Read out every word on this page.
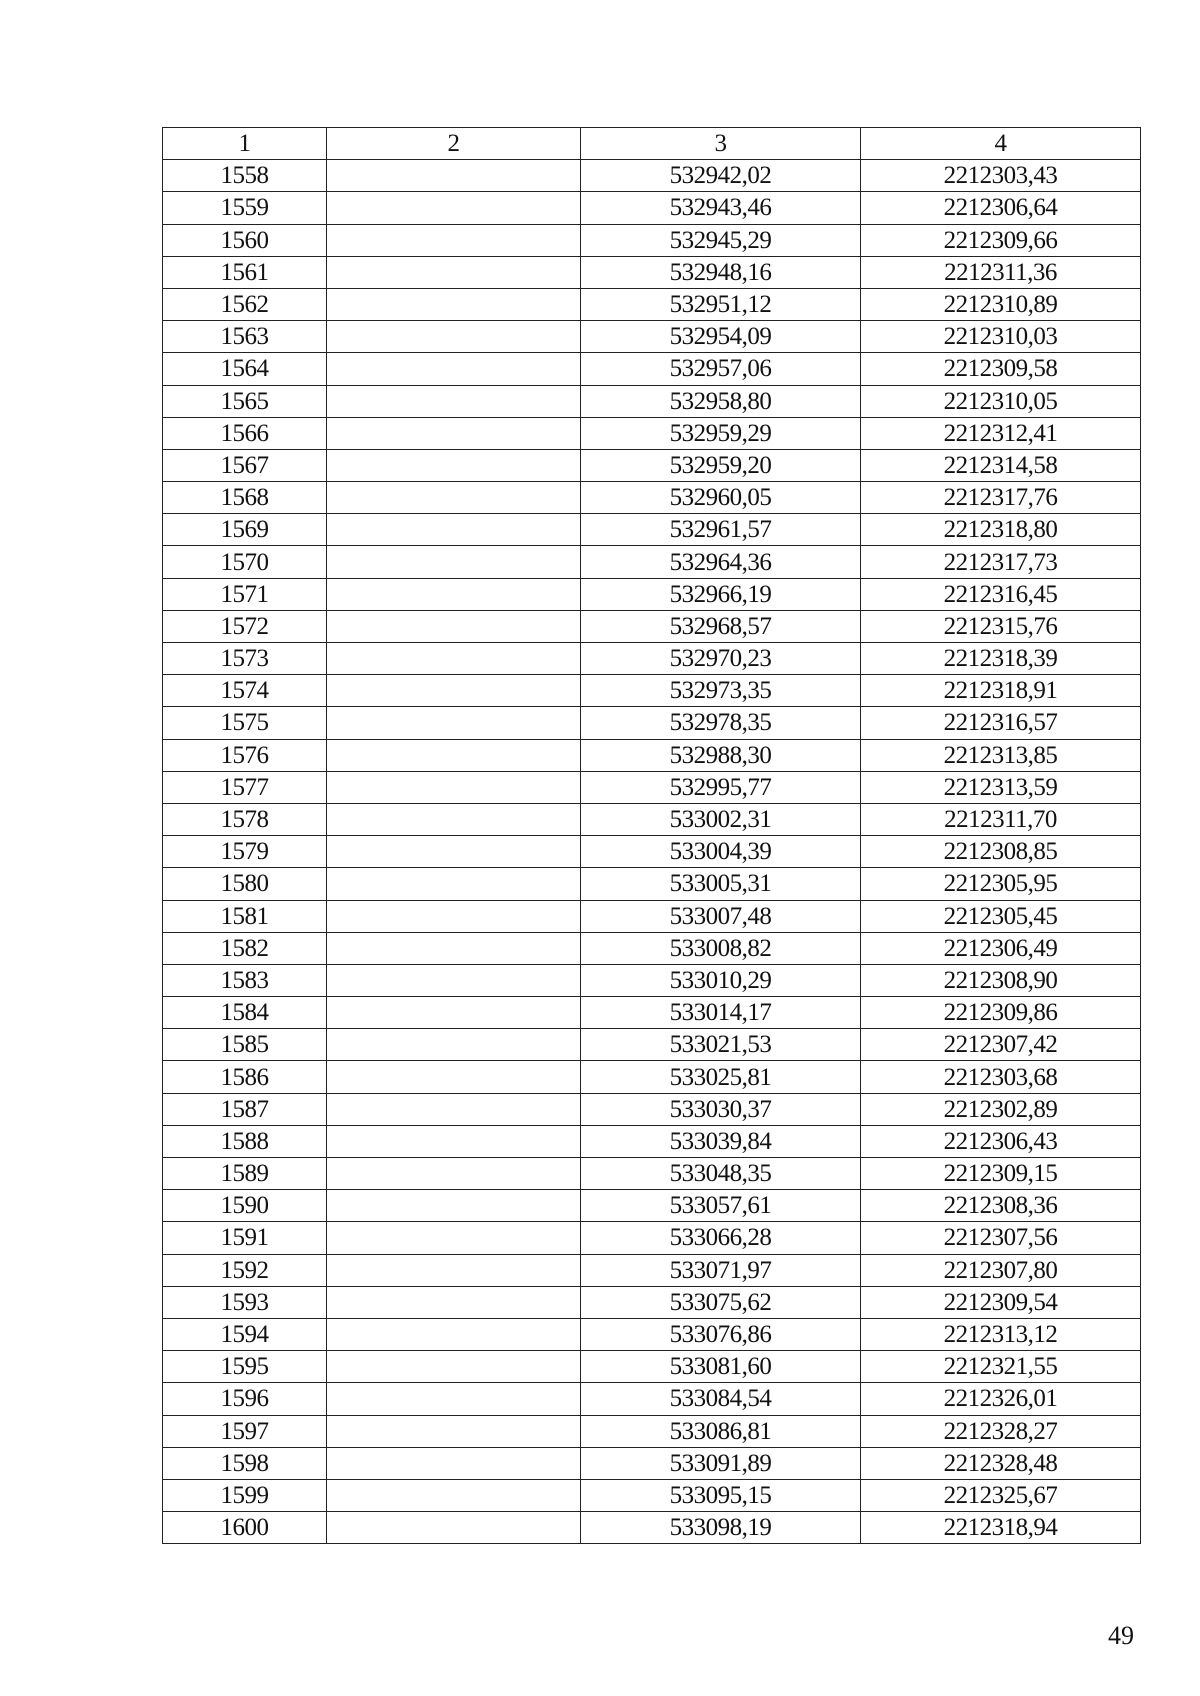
1	2	3	4
1558		532942,02	2212303,43
1559		532943,46	2212306,64
1560		532945,29	2212309,66
1561		532948,16	2212311,36
1562		532951,12	2212310,89
1563		532954,09	2212310,03
1564		532957,06	2212309,58
1565		532958,80	2212310,05
1566		532959,29	2212312,41
1567		532959,20	2212314,58
1568		532960,05	2212317,76
1569		532961,57	2212318,80
1570		532964,36	2212317,73
1571		532966,19	2212316,45
1572		532968,57	2212315,76
1573		532970,23	2212318,39
1574		532973,35	2212318,91
1575		532978,35	2212316,57
1576		532988,30	2212313,85
1577		532995,77	2212313,59
1578		533002,31	2212311,70
1579		533004,39	2212308,85
1580		533005,31	2212305,95
1581		533007,48	2212305,45
1582		533008,82	2212306,49
1583		533010,29	2212308,90
1584		533014,17	2212309,86
1585		533021,53	2212307,42
1586		533025,81	2212303,68
1587		533030,37	2212302,89
1588		533039,84	2212306,43
1589		533048,35	2212309,15
1590		533057,61	2212308,36
1591		533066,28	2212307,56
1592		533071,97	2212307,80
1593		533075,62	2212309,54
1594		533076,86	2212313,12
1595		533081,60	2212321,55
1596		533084,54	2212326,01
1597		533086,81	2212328,27
1598		533091,89	2212328,48
1599		533095,15	2212325,67
1600		533098,19	2212318,94
49
